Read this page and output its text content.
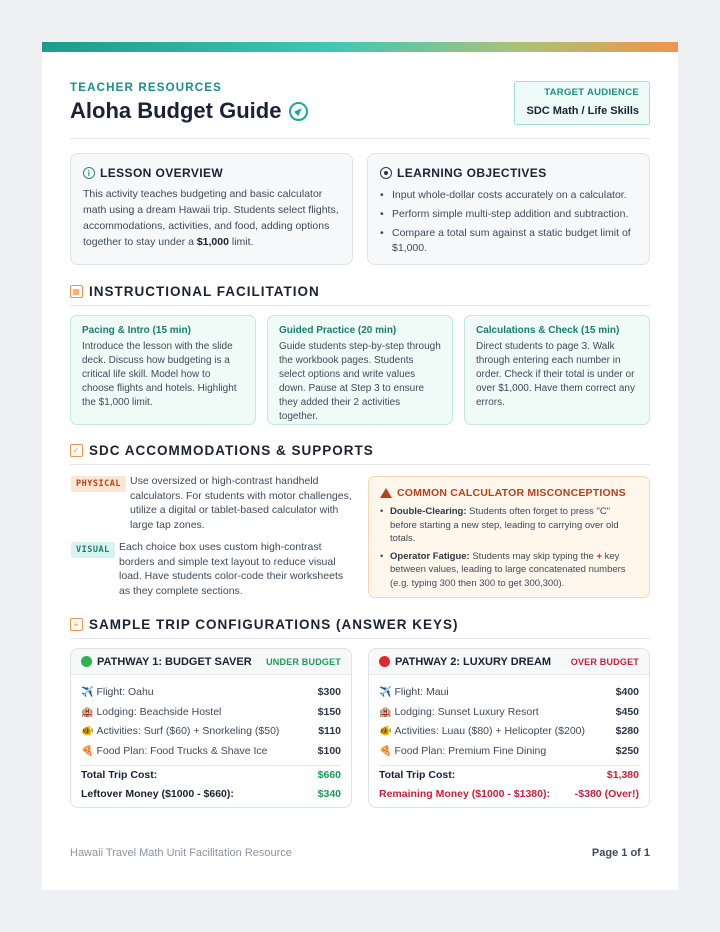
TEACHER RESOURCES
Aloha Budget Guide
TARGET AUDIENCE
SDC Math / Life Skills
i LESSON OVERVIEW

This activity teaches budgeting and basic calculator math using a dream Hawaii trip. Students select flights, accommodations, activities, and food, adding options together to stay under a $1,000 limit.

LEARNING OBJECTIVES
• Input whole-dollar costs accurately on a calculator.
• Perform simple multi-step addition and subtraction.
• Compare a total sum against a static budget limit of $1,000.
▦ INSTRUCTIONAL FACILITATION
Pacing & Intro (15 min)

Introduce the lesson with the slide deck. Discuss how budgeting is a critical life skill. Model how to choose flights and hotels. Highlight the $1,000 limit.

Guided Practice (20 min)

Guide students step-by-step through the workbook pages. Students select options and write values down. Pause at Step 3 to ensure they added their 2 activities together.

Calculations & Check (15 min)

Direct students to page 3. Walk through entering each number in order. Check if their total is under or over $1,000. Have them correct any errors.

✓ SDC ACCOMMODATIONS & SUPPORTS
PHYSICAL Use oversized or high-contrast handheld calculators. For students with motor challenges, utilize a digital or tablet-based calculator with large tap zones.
VISUAL Each choice box uses custom high-contrast borders and simple text layout to reduce visual load. Have students color-code their worksheets as they complete sections.
COMMON CALCULATOR MISCONCEPTIONS
• Double-Clearing: Students often forget to press "C" before starting a new step, leading to carrying over old totals.
• Operator Fatigue: Students may skip typing the + key between values, leading to large concatenated numbers (e.g. typing 300 then 300 to get 300,300).
≡ SAMPLE TRIP CONFIGURATIONS (ANSWER KEYS)
PATHWAY 1: BUDGET SAVER UNDER BUDGET
✈️ Flight: Oahu	$300
🏨 Lodging: Beachside Hostel	$150
🐠 Activities: Surf ($60) + Snorkeling ($50)	$110
🍕 Food Plan: Food Trucks & Shave Ice	$100
Total Trip Cost:	$660
Leftover Money ($1000 - $660):	$340
PATHWAY 2: LUXURY DREAM OVER BUDGET
✈️ Flight: Maui	$400
🏨 Lodging: Sunset Luxury Resort	$450
🐠 Activities: Luau ($80) + Helicopter ($200)	$280
🍕 Food Plan: Premium Fine Dining	$250
Total Trip Cost:	$1,380
Remaining Money ($1000 - $1380): -$380 (Over!)
Hawaii Travel Math Unit Facilitation Resource	Page 1 of 1
